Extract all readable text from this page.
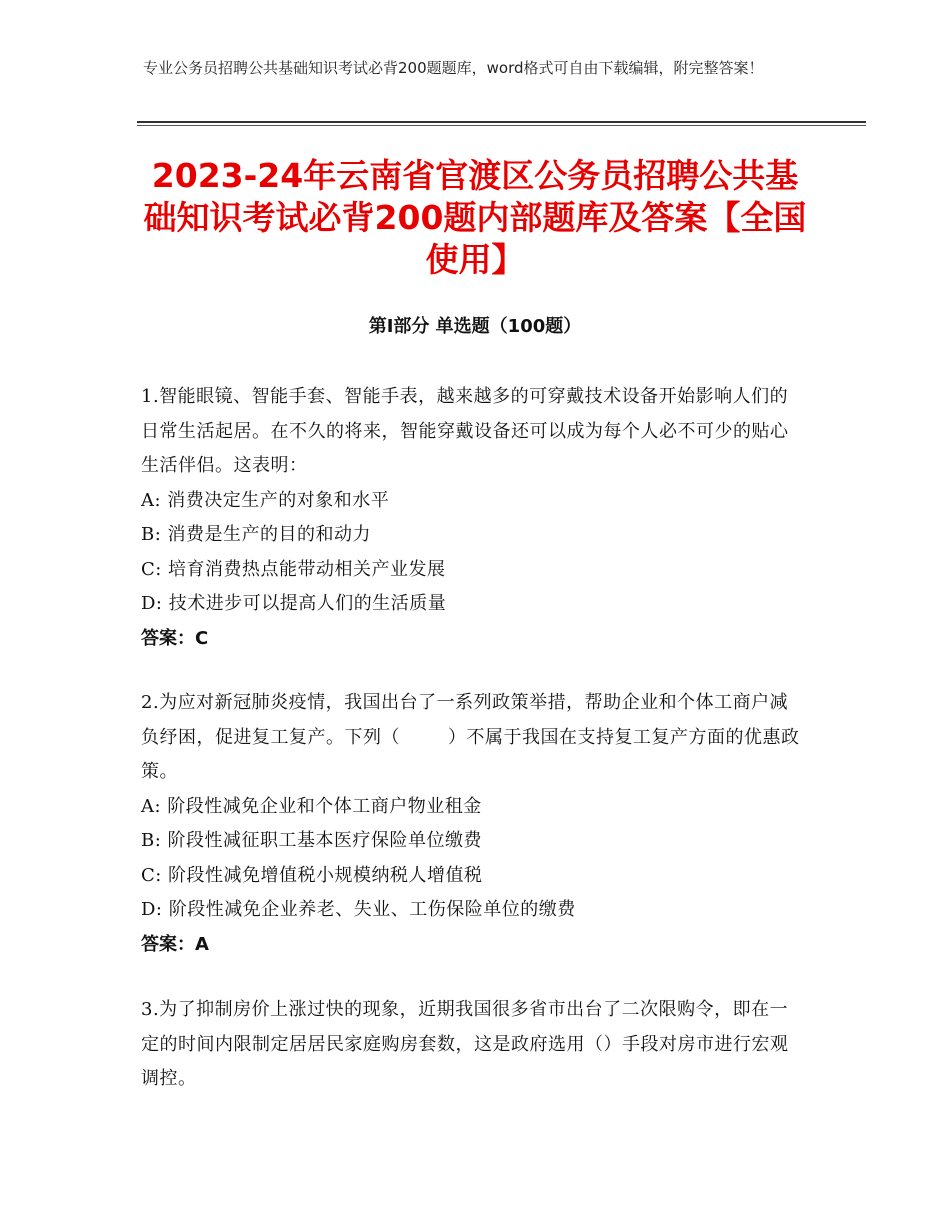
专业公务员招聘公共基础知识考试必背200题题库，word格式可自由下载编辑，附完整答案！
2023-24年云南省官渡区公务员招聘公共基础知识考试必背200题内部题库及答案【全国使用】
第I部分 单选题（100题）

1.智能眼镜、智能手套、智能手表，越来越多的可穿戴技术设备开始影响人们的日常生活起居。在不久的将来，智能穿戴设备还可以成为每个人必不可少的贴心生活伴侣。这表明：

A: 消费决定生产的对象和水平

B: 消费是生产的目的和动力

C: 培育消费热点能带动相关产业发展

D: 技术进步可以提高人们的生活质量

答案：C

2.为应对新冠肺炎疫情，我国出台了一系列政策举措，帮助企业和个体工商户减负纾困，促进复工复产。下列（	）不属于我国在支持复工复产方面的优惠政策。

A: 阶段性减免企业和个体工商户物业租金

B: 阶段性减征职工基本医疗保险单位缴费

C: 阶段性减免增值税小规模纳税人增值税

D: 阶段性减免企业养老、失业、工伤保险单位的缴费

答案：A

3.为了抑制房价上涨过快的现象，近期我国很多省市出台了二次限购令，即在一定的时间内限制定居居民家庭购房套数，这是政府选用（）手段对房市进行宏观调控。
